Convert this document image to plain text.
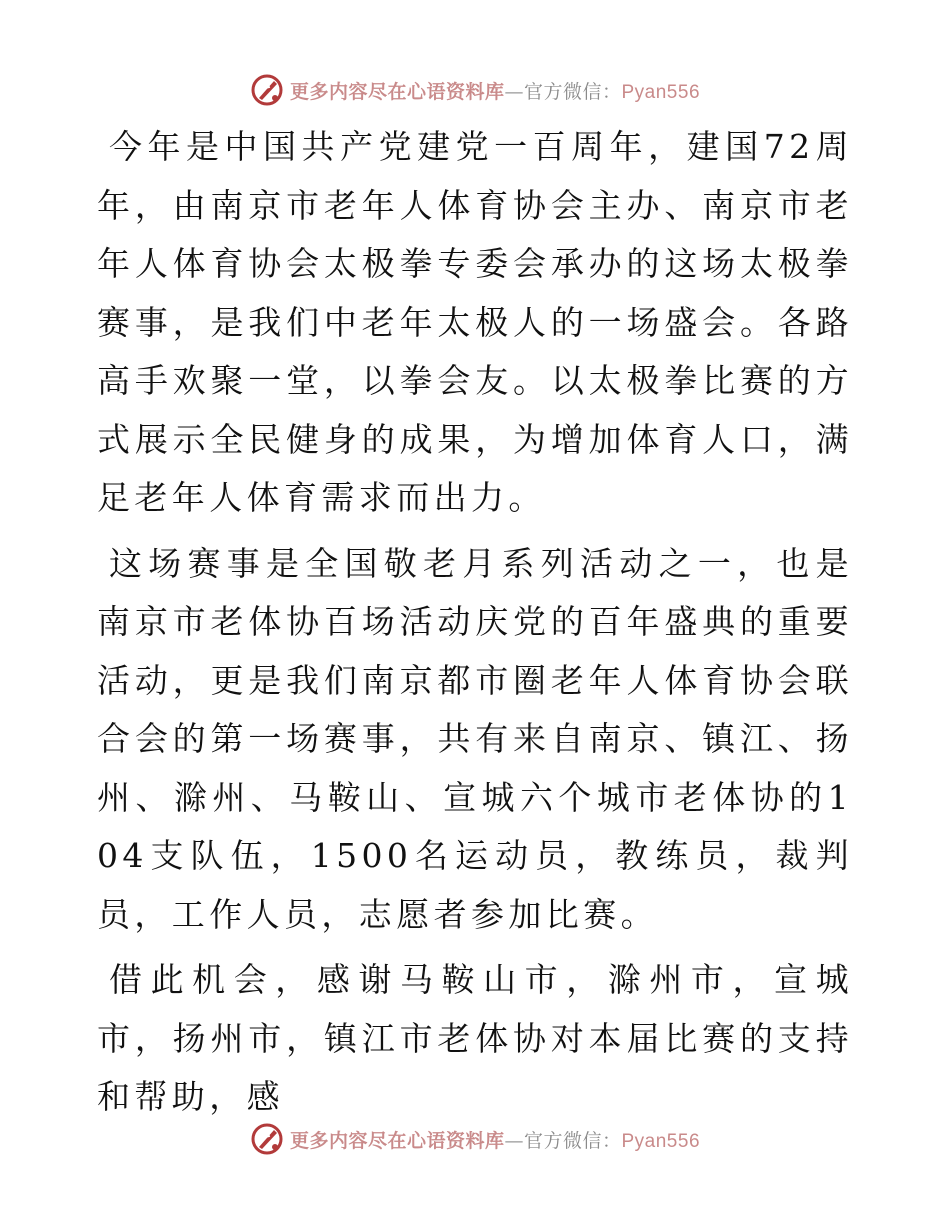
更多内容尽在心语资料库—官方微信：Pyan556

今年是中国共产党建党一百周年，建国72周年，由南京市老年人体育协会主办、南京市老年人体育协会太极拳专委会承办的这场太极拳赛事，是我们中老年太极人的一场盛会。各路高手欢聚一堂，以拳会友。以太极拳比赛的方式展示全民健身的成果，为增加体育人口，满足老年人体育需求而出力。

这场赛事是全国敬老月系列活动之一，也是南京市老体协百场活动庆党的百年盛典的重要活动，更是我们南京都市圈老年人体育协会联合会的第一场赛事，共有来自南京、镇江、扬州、滁州、马鞍山、宣城六个城市老体协的104支队伍，1500名运动员，教练员，裁判员，工作人员，志愿者参加比赛。

借此机会，感谢马鞍山市，滁州市，宣城市，扬州市，镇江市老体协对本届比赛的支持和帮助，感

更多内容尽在心语资料库—官方微信：Pyan556
